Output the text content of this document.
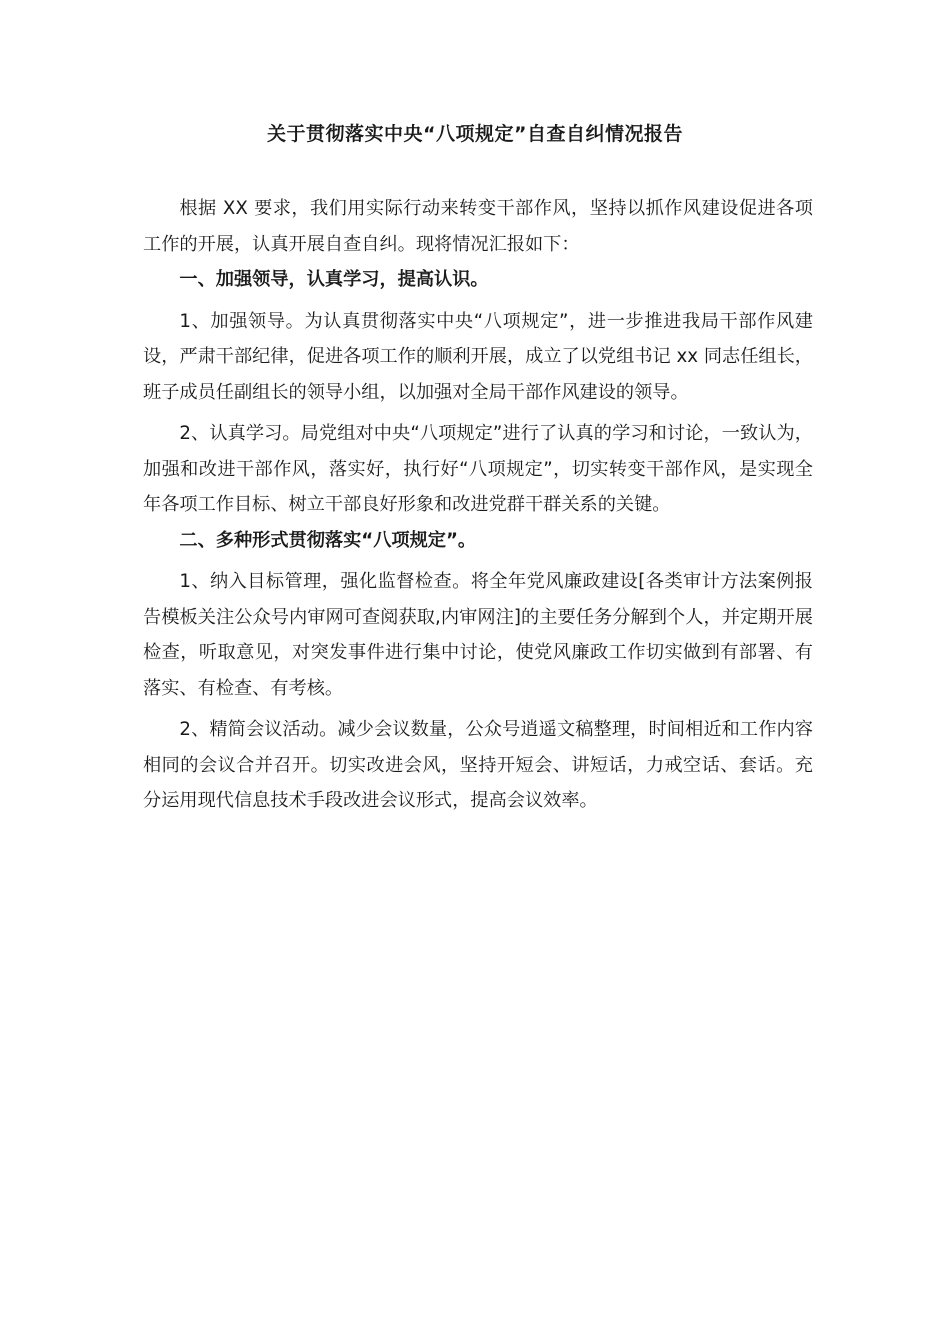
关于贯彻落实中央“八项规定”自查自纠情况报告

根据 XX 要求，我们用实际行动来转变干部作风，坚持以抓作风建设促进各项工作的开展，认真开展自查自纠。现将情况汇报如下：

一、加强领导，认真学习，提高认识。

1、加强领导。为认真贯彻落实中央“八项规定”，进一步推进我局干部作风建设，严肃干部纪律，促进各项工作的顺利开展，成立了以党组书记 xx 同志任组长，班子成员任副组长的领导小组，以加强对全局干部作风建设的领导。

2、认真学习。局党组对中央“八项规定”进行了认真的学习和讨论，一致认为，加强和改进干部作风，落实好，执行好“八项规定”，切实转变干部作风，是实现全年各项工作目标、树立干部良好形象和改进党群干群关系的关键。

二、多种形式贯彻落实“八项规定”。

1、纳入目标管理，强化监督检查。将全年党风廉政建设[各类审计方法案例报告模板关注公众号内审网可查阅获取,内审网注]的主要任务分解到个人，并定期开展检查，听取意见，对突发事件进行集中讨论，使党风廉政工作切实做到有部署、有落实、有检查、有考核。

2、精简会议活动。减少会议数量，公众号逍遥文稿整理，时间相近和工作内容相同的会议合并召开。切实改进会风，坚持开短会、讲短话，力戒空话、套话。充分运用现代信息技术手段改进会议形式，提高会议效率。
